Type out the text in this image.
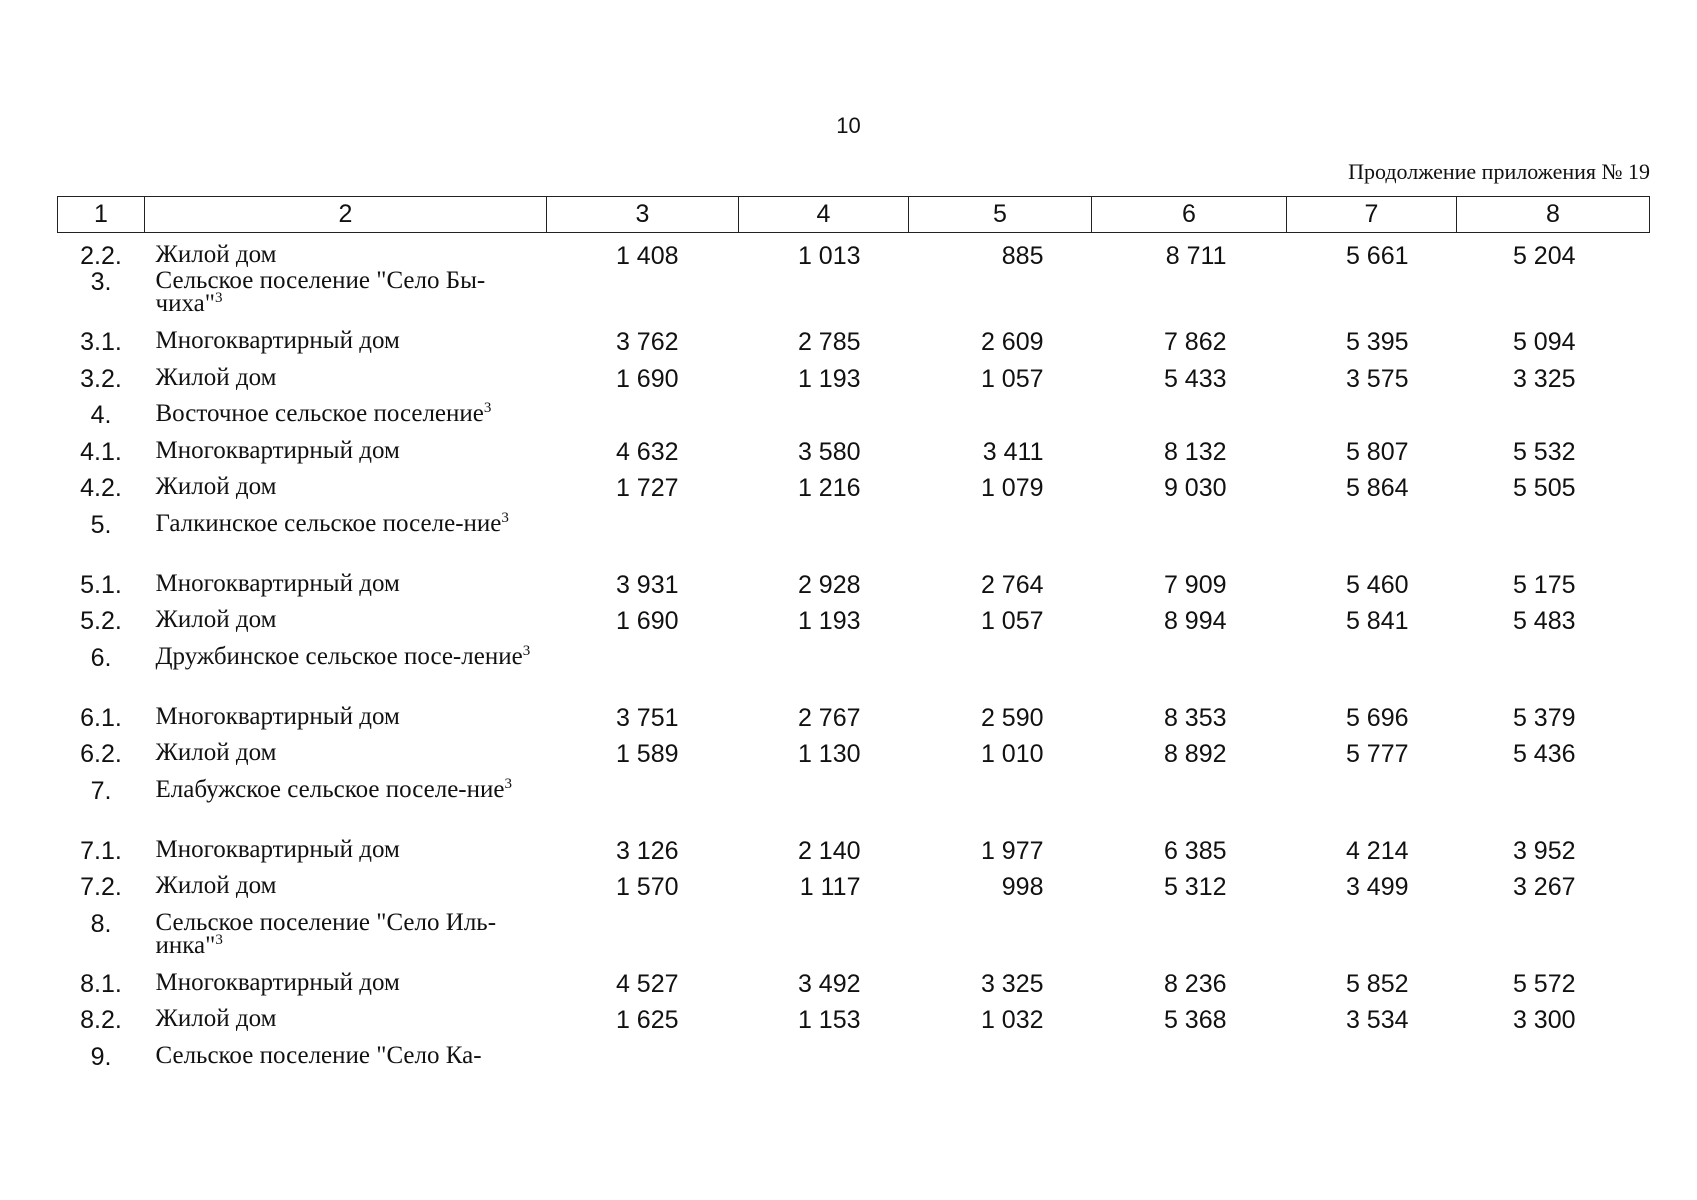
10
Продолжение приложения № 19
1	2	3	4	5	6	7	8
2.2.	Жилой дом	1 408	1 013	885	8 711	5 661	5 204
3.	Сельское поселение "Село Бы-чиха"$^3$						
3.1.	Многоквартирный дом	3 762	2 785	2 609	7 862	5 395	5 094
3.2.	Жилой дом	1 690	1 193	1 057	5 433	3 575	3 325
4.	Восточное сельское поселение$^3$						
4.1.	Многоквартирный дом	4 632	3 580	3 411	8 132	5 807	5 532
4.2.	Жилой дом	1 727	1 216	1 079	9 030	5 864	5 505
5.	Галкинское сельское поселе-ние$^3$						
5.1.	Многоквартирный дом	3 931	2 928	2 764	7 909	5 460	5 175
5.2.	Жилой дом	1 690	1 193	1 057	8 994	5 841	5 483
6.	Дружбинское сельское посе-ление$^3$						
6.1.	Многоквартирный дом	3 751	2 767	2 590	8 353	5 696	5 379
6.2.	Жилой дом	1 589	1 130	1 010	8 892	5 777	5 436
7.	Елабужское сельское поселе-ние$^3$						
7.1.	Многоквартирный дом	3 126	2 140	1 977	6 385	4 214	3 952
7.2.	Жилой дом	1 570	1 117	998	5 312	3 499	3 267
8.	Сельское поселение "Село Иль-инка"$^3$						
8.1.	Многоквартирный дом	4 527	3 492	3 325	8 236	5 852	5 572
8.2.	Жилой дом	1 625	1 153	1 032	5 368	3 534	3 300
9.	Сельское поселение "Село Ка-						
